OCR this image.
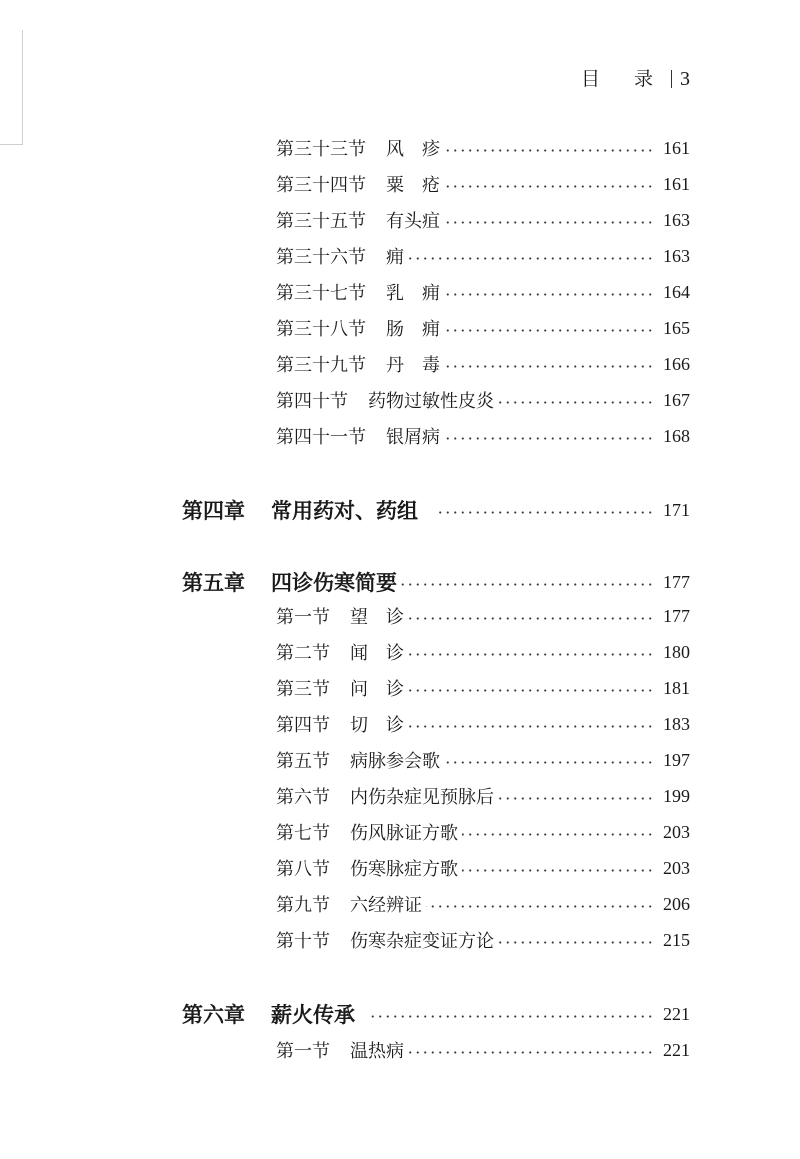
目 录 3
第三十三节 风　疹	161
第三十四节 粟　疮	161
第三十五节 有头疽	163
第三十六节 痈	163
第三十七节 乳　痈	164
第三十八节 肠　痈	165
第三十九节 丹　毒	166
第四十节 药物过敏性皮炎	167
第四十一节 银屑病	168
第四章 常用药对、药组	171
第五章 四诊伤寒简要	177
第一节 望　诊	177
第二节 闻　诊	180
第三节 问　诊	181
第四节 切　诊	183
第五节 病脉参会歌	197
第六节 内伤杂症见预脉后	199
第七节 伤风脉证方歌	203
第八节 伤寒脉症方歌	203
第九节 六经辨证	206
第十节 伤寒杂症变证方论	215
第六章 薪火传承	221
第一节 温热病	221
